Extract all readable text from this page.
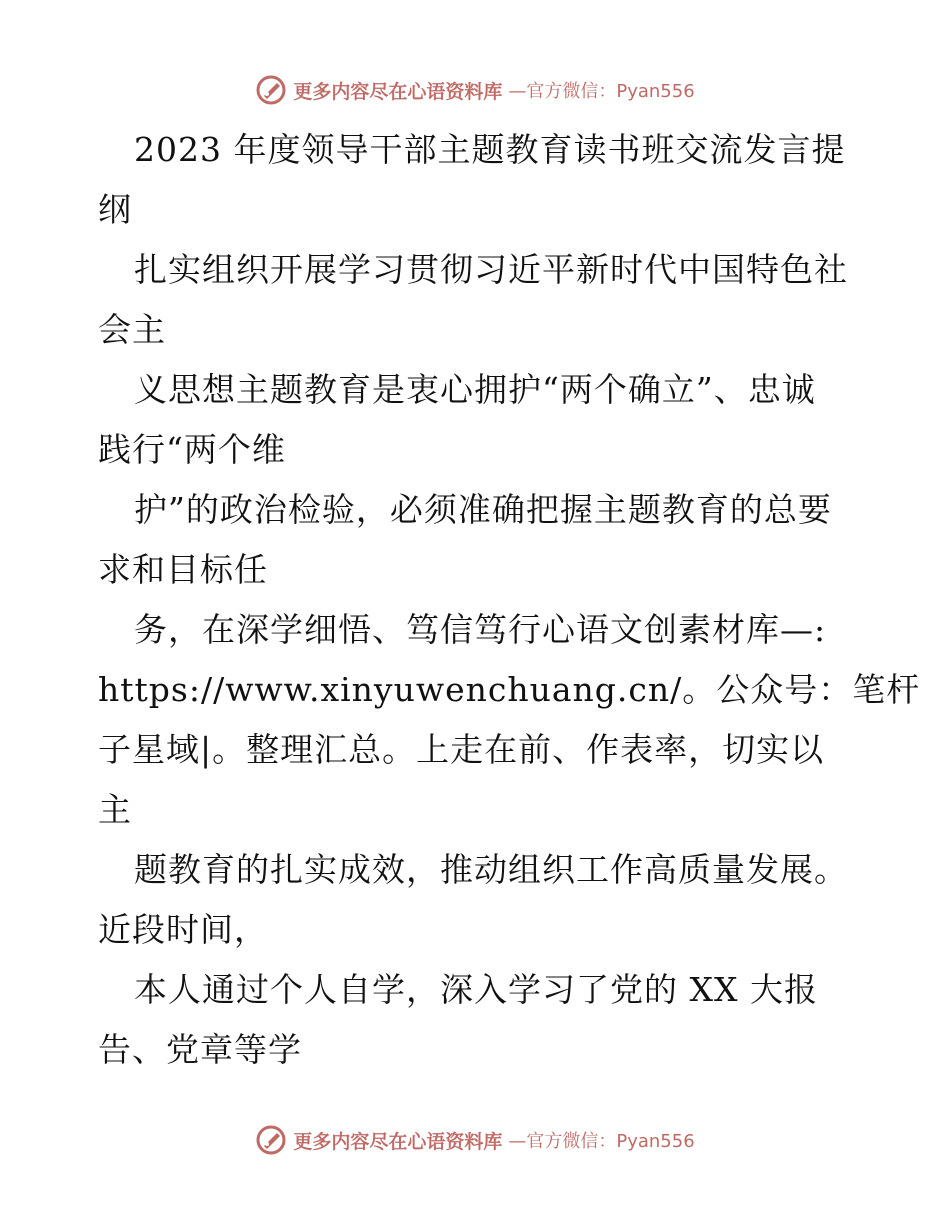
更多内容尽在心语资料库 —官方微信：Pyan556
2023 年度领导干部主题教育读书班交流发言提
纲
扎实组织开展学习贯彻习近平新时代中国特色社
会主
义思想主题教育是衷心拥护“两个确立”、忠诚
践行“两个维
护”的政治检验，必须准确把握主题教育的总要
求和目标任
务，在深学细悟、笃信笃行心语文创素材库—:
https://www.xinyuwenchuang.cn/。公众号：笔杆
子星域|。整理汇总。上走在前、作表率，切实以
主
题教育的扎实成效，推动组织工作高质量发展。
近段时间，
本人通过个人自学，深入学习了党的 XX 大报
告、党章等学
更多内容尽在心语资料库 —官方微信：Pyan556
